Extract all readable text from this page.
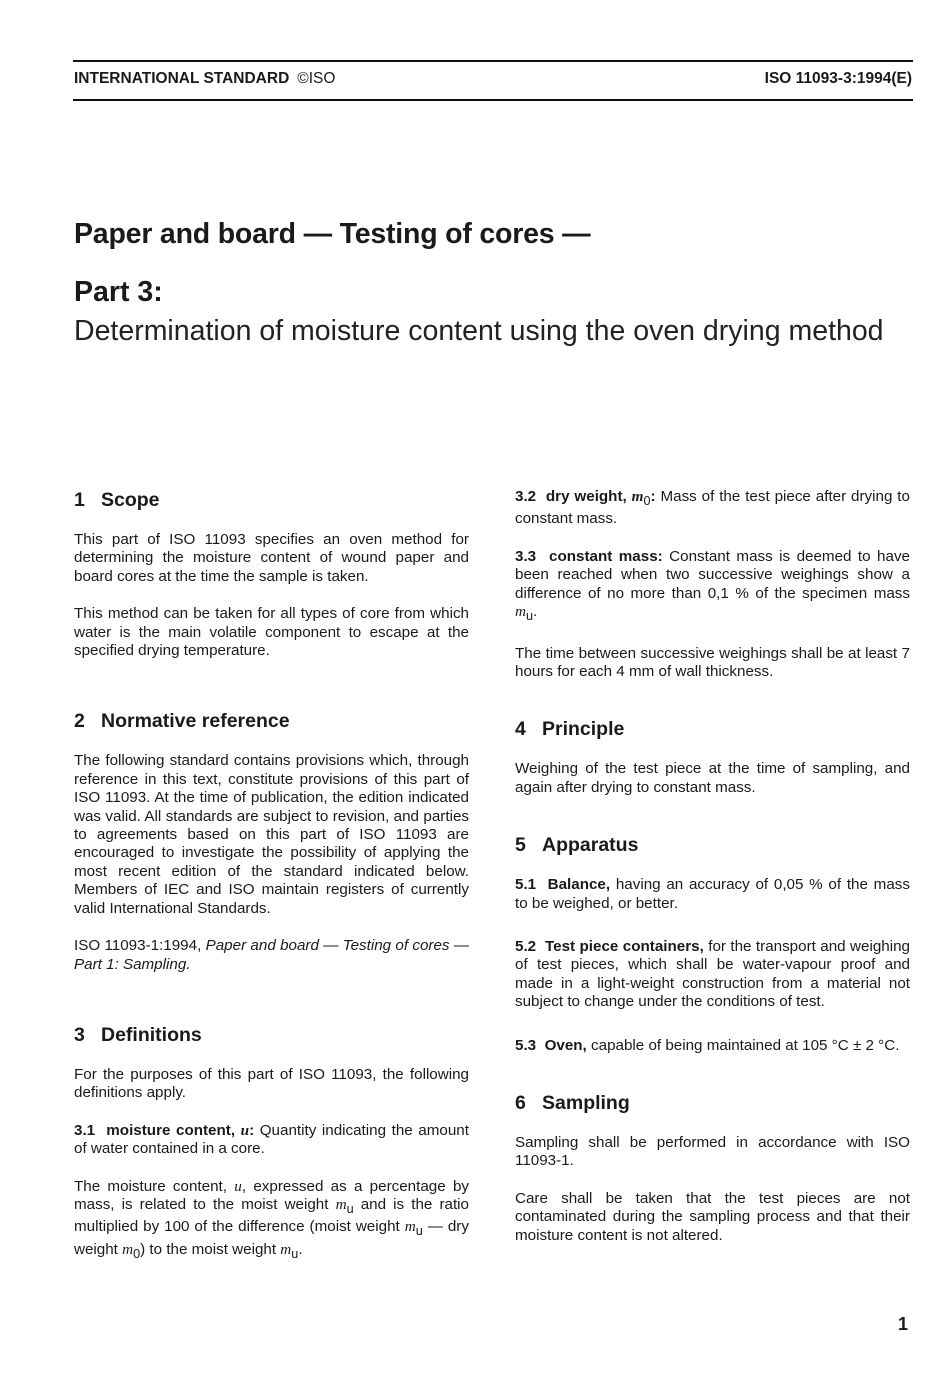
INTERNATIONAL STANDARD ©ISO	ISO 11093-3:1994(E)
Paper and board — Testing of cores —
Part 3:
Determination of moisture content using the oven drying method
1 Scope

This part of ISO 11093 specifies an oven method for determining the moisture content of wound paper and board cores at the time the sample is taken.

This method can be taken for all types of core from which water is the main volatile component to escape at the specified drying temperature.

2 Normative reference

The following standard contains provisions which, through reference in this text, constitute provisions of this part of ISO 11093. At the time of publication, the edition indicated was valid. All standards are subject to revision, and parties to agreements based on this part of ISO 11093 are encouraged to investigate the possibility of applying the most recent edition of the standard indicated below. Members of IEC and ISO maintain registers of currently valid International Standards.

ISO 11093-1:1994, Paper and board — Testing of cores — Part 1: Sampling.

3 Definitions

For the purposes of this part of ISO 11093, the following definitions apply.

3.1 moisture content, u: Quantity indicating the amount of water contained in a core.

The moisture content, u, expressed as a percentage by mass, is related to the moist weight $m_u$ and is the ratio multiplied by 100 of the difference (moist weight $m_u$ — dry weight $m_0$) to the moist weight $m_u$.

3.2 dry weight, $m_0$: Mass of the test piece after drying to constant mass.

3.3 constant mass: Constant mass is deemed to have been reached when two successive weighings show a difference of no more than 0,1 % of the specimen mass $m_u$.

The time between successive weighings shall be at least 7 hours for each 4 mm of wall thickness.

4 Principle

Weighing of the test piece at the time of sampling, and again after drying to constant mass.

5 Apparatus

5.1 Balance, having an accuracy of 0,05 % of the mass to be weighed, or better.

5.2 Test piece containers, for the transport and weighing of test pieces, which shall be water-vapour proof and made in a light-weight construction from a material not subject to change under the conditions of test.

5.3 Oven, capable of being maintained at 105 °C ± 2 °C.

6 Sampling

Sampling shall be performed in accordance with ISO 11093-1.

Care shall be taken that the test pieces are not contaminated during the sampling process and that their moisture content is not altered.

1
